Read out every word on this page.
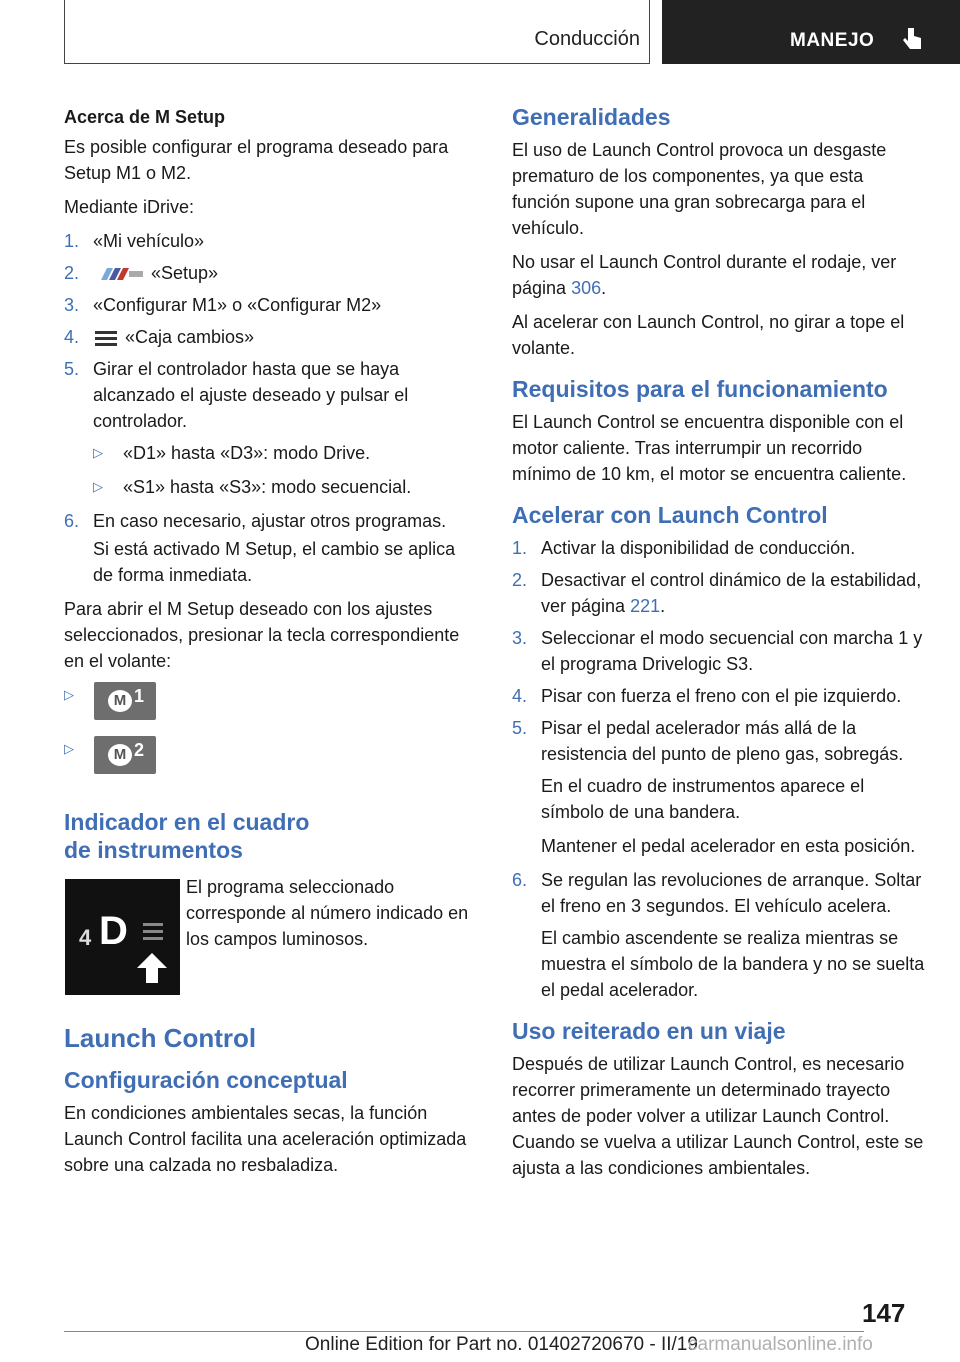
Conducción	MANEJO
Acerca de M Setup

Es posible configurar el programa deseado para Setup M1 o M2.

Mediante iDrive:

1. «Mi vehículo»
2.	«Setup»
3. «Configurar M1» o «Configurar M2»
4.	«Caja cambios»
5. Girar el controlador hasta que se haya alcanzado el ajuste deseado y pulsar el controlador.
▷ «D1» hasta «D3»: modo Drive.
▷ «S1» hasta «S3»: modo secuencial.
6. En caso necesario, ajustar otros programas.

Si está activado M Setup, el cambio se aplica de forma inmediata.

Para abrir el M Setup deseado con los ajustes seleccionados, presionar la tecla correspondiente en el volante:

▷	M 1
▷	M 2
Indicador en el cuadro
de instrumentos
4 D

El programa seleccionado corresponde al número indicado en los campos luminosos.

Launch Control
Configuración conceptual

En condiciones ambientales secas, la función Launch Control facilita una aceleración optimizada sobre una calzada no resbaladiza.

Generalidades

El uso de Launch Control provoca un desgaste prematuro de los componentes, ya que esta función supone una gran sobrecarga para el vehículo.

No usar el Launch Control durante el rodaje, ver página 306.

Al acelerar con Launch Control, no girar a tope el volante.

Requisitos para el funcionamiento

El Launch Control se encuentra disponible con el motor caliente. Tras interrumpir un recorrido mínimo de 10 km, el motor se encuentra caliente.

Acelerar con Launch Control
1. Activar la disponibilidad de conducción.
2. Desactivar el control dinámico de la estabilidad, ver página 221.
3. Seleccionar el modo secuencial con marcha 1 y el programa Drivelogic S3.
4. Pisar con fuerza el freno con el pie izquierdo.
5. Pisar el pedal acelerador más allá de la resistencia del punto de pleno gas, sobregás.

En el cuadro de instrumentos aparece el símbolo de una bandera.

Mantener el pedal acelerador en esta posición.

6. Se regulan las revoluciones de arranque. Soltar el freno en 3 segundos. El vehículo acelera.

El cambio ascendente se realiza mientras se muestra el símbolo de la bandera y no se suelta el pedal acelerador.

Uso reiterado en un viaje

Después de utilizar Launch Control, es necesario recorrer primeramente un determinado trayecto antes de poder volver a utilizar Launch Control.

Cuando se vuelva a utilizar Launch Control, este se ajusta a las condiciones ambientales.

147
Online Edition for Part no. 01402720670 - II/19
carmanualsonline.info
